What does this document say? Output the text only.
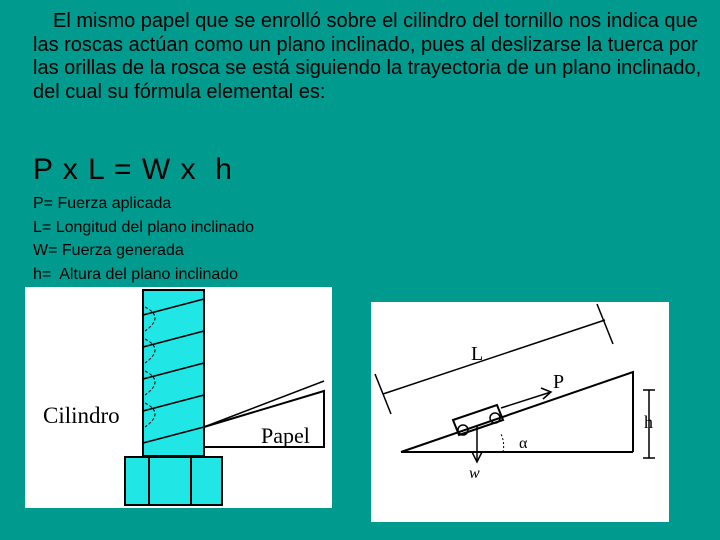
El mismo papel que se enrolló sobre el cilindro del tornillo nos indica que las roscas actúan como un plano inclinado, pues al deslizarse la tuerca por las orillas de la rosca se está siguiendo la trayectoria de un plano inclinado, del cual su fórmula elemental es:

P x L = W x  h
P= Fuerza aplicada
L= Longitud del plano inclinado
W= Fuerza generada
h=  Altura del plano inclinado
Cilindro
Papel
L
P
h
α
w
